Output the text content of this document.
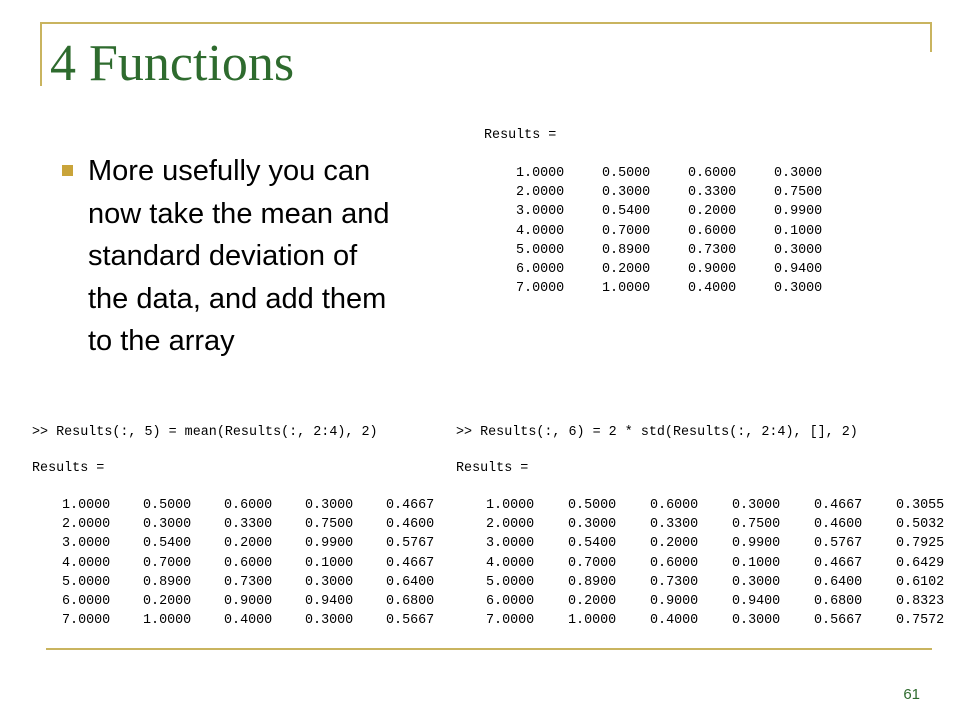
4 Functions
More usefully you can now take the mean and standard deviation of the data, and add them to the array
Results =
1.0000	0.5000	0.6000	0.3000
2.0000	0.3000	0.3300	0.7500
3.0000	0.5400	0.2000	0.9900
4.0000	0.7000	0.6000	0.1000
5.0000	0.8900	0.7300	0.3000
6.0000	0.2000	0.9000	0.9400
7.0000	1.0000	0.4000	0.3000
>> Results(:, 5) = mean(Results(:, 2:4), 2)
Results =
1.0000	0.5000	0.6000	0.3000	0.4667
2.0000	0.3000	0.3300	0.7500	0.4600
3.0000	0.5400	0.2000	0.9900	0.5767
4.0000	0.7000	0.6000	0.1000	0.4667
5.0000	0.8900	0.7300	0.3000	0.6400
6.0000	0.2000	0.9000	0.9400	0.6800
7.0000	1.0000	0.4000	0.3000	0.5667
>> Results(:, 6) = 2 * std(Results(:, 2:4), [], 2)
Results =
1.0000	0.5000	0.6000	0.3000	0.4667	0.3055
2.0000	0.3000	0.3300	0.7500	0.4600	0.5032
3.0000	0.5400	0.2000	0.9900	0.5767	0.7925
4.0000	0.7000	0.6000	0.1000	0.4667	0.6429
5.0000	0.8900	0.7300	0.3000	0.6400	0.6102
6.0000	0.2000	0.9000	0.9400	0.6800	0.8323
7.0000	1.0000	0.4000	0.3000	0.5667	0.7572
61
